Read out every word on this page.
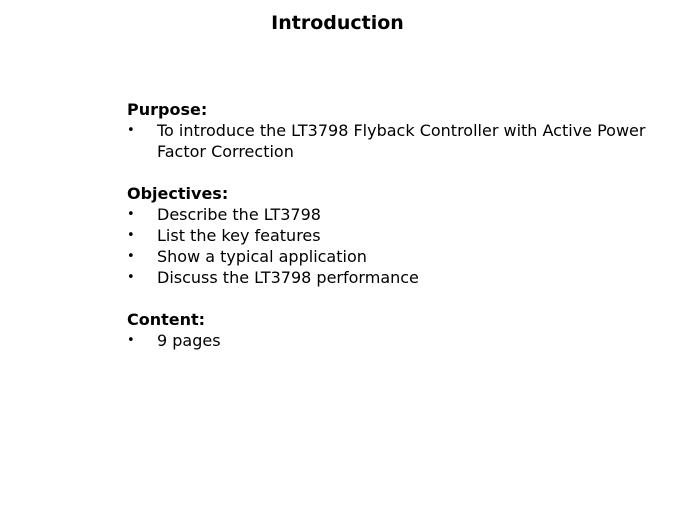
Introduction
Purpose:
•	To introduce the LT3798 Flyback Controller with Active Power Factor Correction
Objectives:
•	Describe the LT3798
•	List the key features
•	Show a typical application
•	Discuss the LT3798 performance
Content:
•	9 pages
